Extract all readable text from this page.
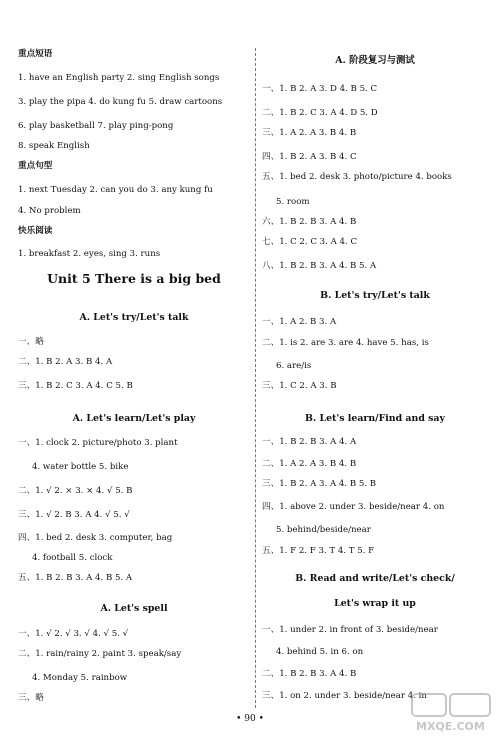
重点短语
1. have an English party 2. sing English songs
3. play the pipa 4. do kung fu 5. draw cartoons
6. play basketball 7. play ping-pong
8. speak English
重点句型
1. next Tuesday 2. can you do 3. any kung fu
4. No problem
快乐阅读
1. breakfast 2. eyes, sing 3. runs
Unit 5 There is a big bed
A. Let's try/Let's talk
一、略
二、1. B 2. A 3. B 4. A
三、1. B 2. C 3. A 4. C 5. B
A. Let's learn/Let's play
一、1. clock 2. picture/photo 3. plant
4. water bottle 5. bike
二、1. √ 2. × 3. × 4. √ 5. B
三、1. √ 2. B 3. A 4. √ 5. √
四、1. bed 2. desk 3. computer, bag
4. football 5. clock
五、1. B 2. B 3. A 4. B 5. A
A. Let's spell
一、1. √ 2. √ 3. √ 4. √ 5. √
二、1. rain/rainy 2. paint 3. speak/say
4. Monday 5. rainbow
三、略
A. 阶段复习与测试
一、1. B 2. A 3. D 4. B 5. C
二、1. B 2. C 3. A 4. D 5. D
三、1. A 2. A 3. B 4. B
四、1. B 2. A 3. B 4. C
五、1. bed 2. desk 3. photo/picture 4. books
5. room
六、1. B 2. B 3. A 4. B
七、1. C 2. C 3. A 4. C
八、1. B 2. B 3. A 4. B 5. A
B. Let's try/Let's talk
一、1. A 2. B 3. A
二、1. is 2. are 3. are 4. have 5. has, is
6. are/is
三、1. C 2. A 3. B
B. Let's learn/Find and say
一、1. B 2. B 3. A 4. A
二、1. A 2. A 3. B 4. B
三、1. B 2. A 3. A 4. B 5. B
四、1. above 2. under 3. beside/near 4. on
5. behind/beside/near
五、1. F 2. F 3. T 4. T 5. F
B. Read and write/Let's check/
Let's wrap it up
一、1. under 2. in front of 3. beside/near
4. behind 5. in 6. on
二、1. B 2. B 3. A 4. B
三、1. on 2. under 3. beside/near 4. in
• 90 •
MXQE.COM
